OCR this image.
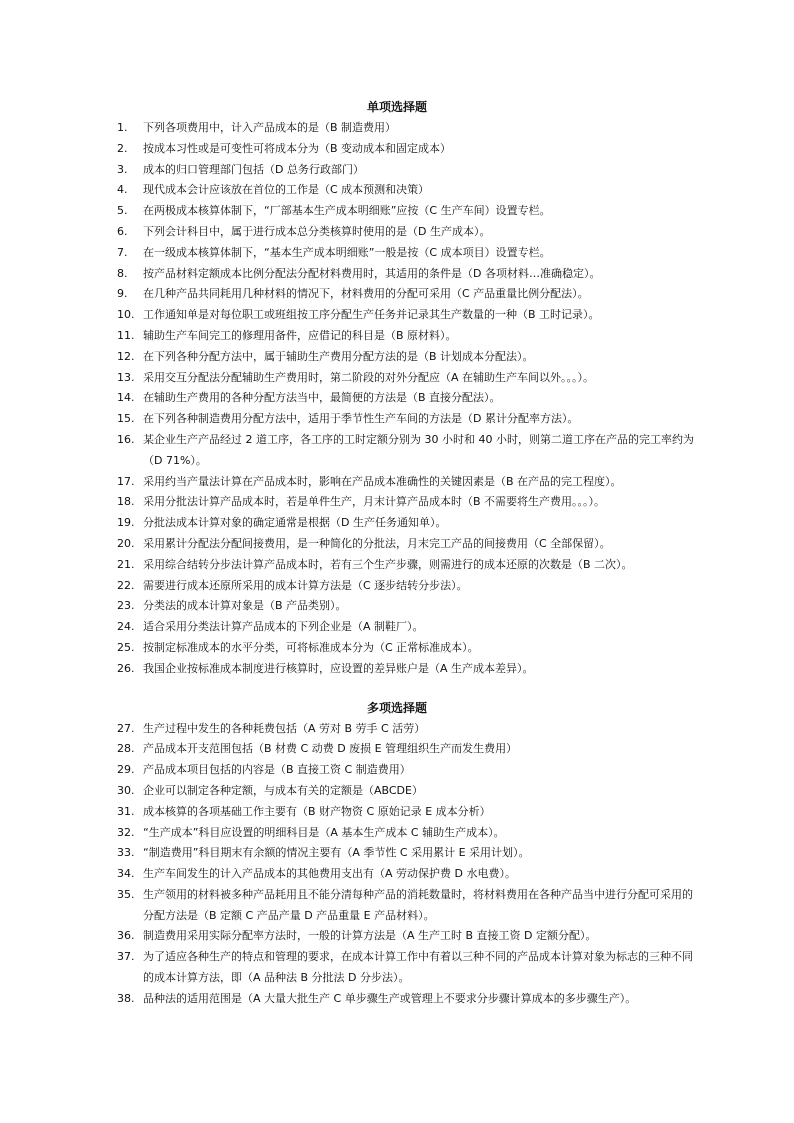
单项选择题
1. 下列各项费用中，计入产品成本的是（B 制造费用）
2. 按成本习性或是可变性可将成本分为（B 变动成本和固定成本）
3. 成本的归口管理部门包括（D 总务行政部门）
4. 现代成本会计应该放在首位的工作是（C 成本预测和决策）
5. 在两极成本核算体制下，“厂部基本生产成本明细账”应按（C 生产车间）设置专栏。
6. 下列会计科目中，属于进行成本总分类核算时使用的是（D 生产成本）。
7. 在一级成本核算体制下，“基本生产成本明细账”一般是按（C 成本项目）设置专栏。
8. 按产品材料定额成本比例分配法分配材料费用时，其适用的条件是（D 各项材料…准确稳定）。
9. 在几种产品共同耗用几种材料的情况下，材料费用的分配可采用（C 产品重量比例分配法）。
10. 工作通知单是对每位职工或班组按工序分配生产任务并记录其生产数量的一种（B 工时记录）。
11. 辅助生产车间完工的修理用备件，应借记的科目是（B 原材料）。
12. 在下列各种分配方法中，属于辅助生产费用分配方法的是（B 计划成本分配法）。
13. 采用交互分配法分配辅助生产费用时，第二阶段的对外分配应（A 在辅助生产车间以外。。。）。
14. 在辅助生产费用的各种分配方法当中，最简便的方法是（B 直接分配法）。
15. 在下列各种制造费用分配方法中，适用于季节性生产车间的方法是（D 累计分配率方法）。
16. 某企业生产产品经过 2 道工序，各工序的工时定额分别为 30 小时和 40 小时，则第二道工序在产品的完工率约为（D 71%）。
17. 采用约当产量法计算在产品成本时，影响在产品成本准确性的关键因素是（B 在产品的完工程度）。
18. 采用分批法计算产品成本时，若是单件生产，月末计算产品成本时（B 不需要将生产费用。。。）。
19. 分批法成本计算对象的确定通常是根据（D 生产任务通知单）。
20. 采用累计分配法分配间接费用，是一种简化的分批法，月末完工产品的间接费用（C 全部保留）。
21. 采用综合结转分步法计算产品成本时，若有三个生产步骤，则需进行的成本还原的次数是（B 二次）。
22. 需要进行成本还原所采用的成本计算方法是（C 逐步结转分步法）。
23. 分类法的成本计算对象是（B 产品类别）。
24. 适合采用分类法计算产品成本的下列企业是（A 制鞋厂）。
25. 按制定标准成本的水平分类，可将标准成本分为（C 正常标准成本）。
26. 我国企业按标准成本制度进行核算时，应设置的差异账户是（A 生产成本差异）。
多项选择题
27. 生产过程中发生的各种耗费包括（A 劳对 B 劳手 C 活劳）
28. 产品成本开支范围包括（B 材费 C 动费 D 废损 E 管理组织生产而发生费用）
29. 产品成本项目包括的内容是（B 直接工资 C 制造费用）
30. 企业可以制定各种定额，与成本有关的定额是（ABCDE）
31. 成本核算的各项基础工作主要有（B 财产物资 C 原始记录 E 成本分析）
32. “生产成本”科目应设置的明细科目是（A 基本生产成本 C 辅助生产成本）。
33. “制造费用”科目期末有余额的情况主要有（A 季节性 C 采用累计 E 采用计划）。
34. 生产车间发生的计入产品成本的其他费用支出有（A 劳动保护费 D 水电费）。
35. 生产领用的材料被多种产品耗用且不能分清每种产品的消耗数量时，将材料费用在各种产品当中进行分配可采用的分配方法是（B 定额 C 产品产量 D 产品重量 E 产品材料）。
36. 制造费用采用实际分配率方法时，一般的计算方法是（A 生产工时 B 直接工资 D 定额分配）。
37. 为了适应各种生产的特点和管理的要求，在成本计算工作中有着以三种不同的产品成本计算对象为标志的三种不同的成本计算方法，即（A 品种法 B 分批法 D 分步法）。
38. 品种法的适用范围是（A 大量大批生产 C 单步骤生产或管理上不要求分步骤计算成本的多步骤生产）。
